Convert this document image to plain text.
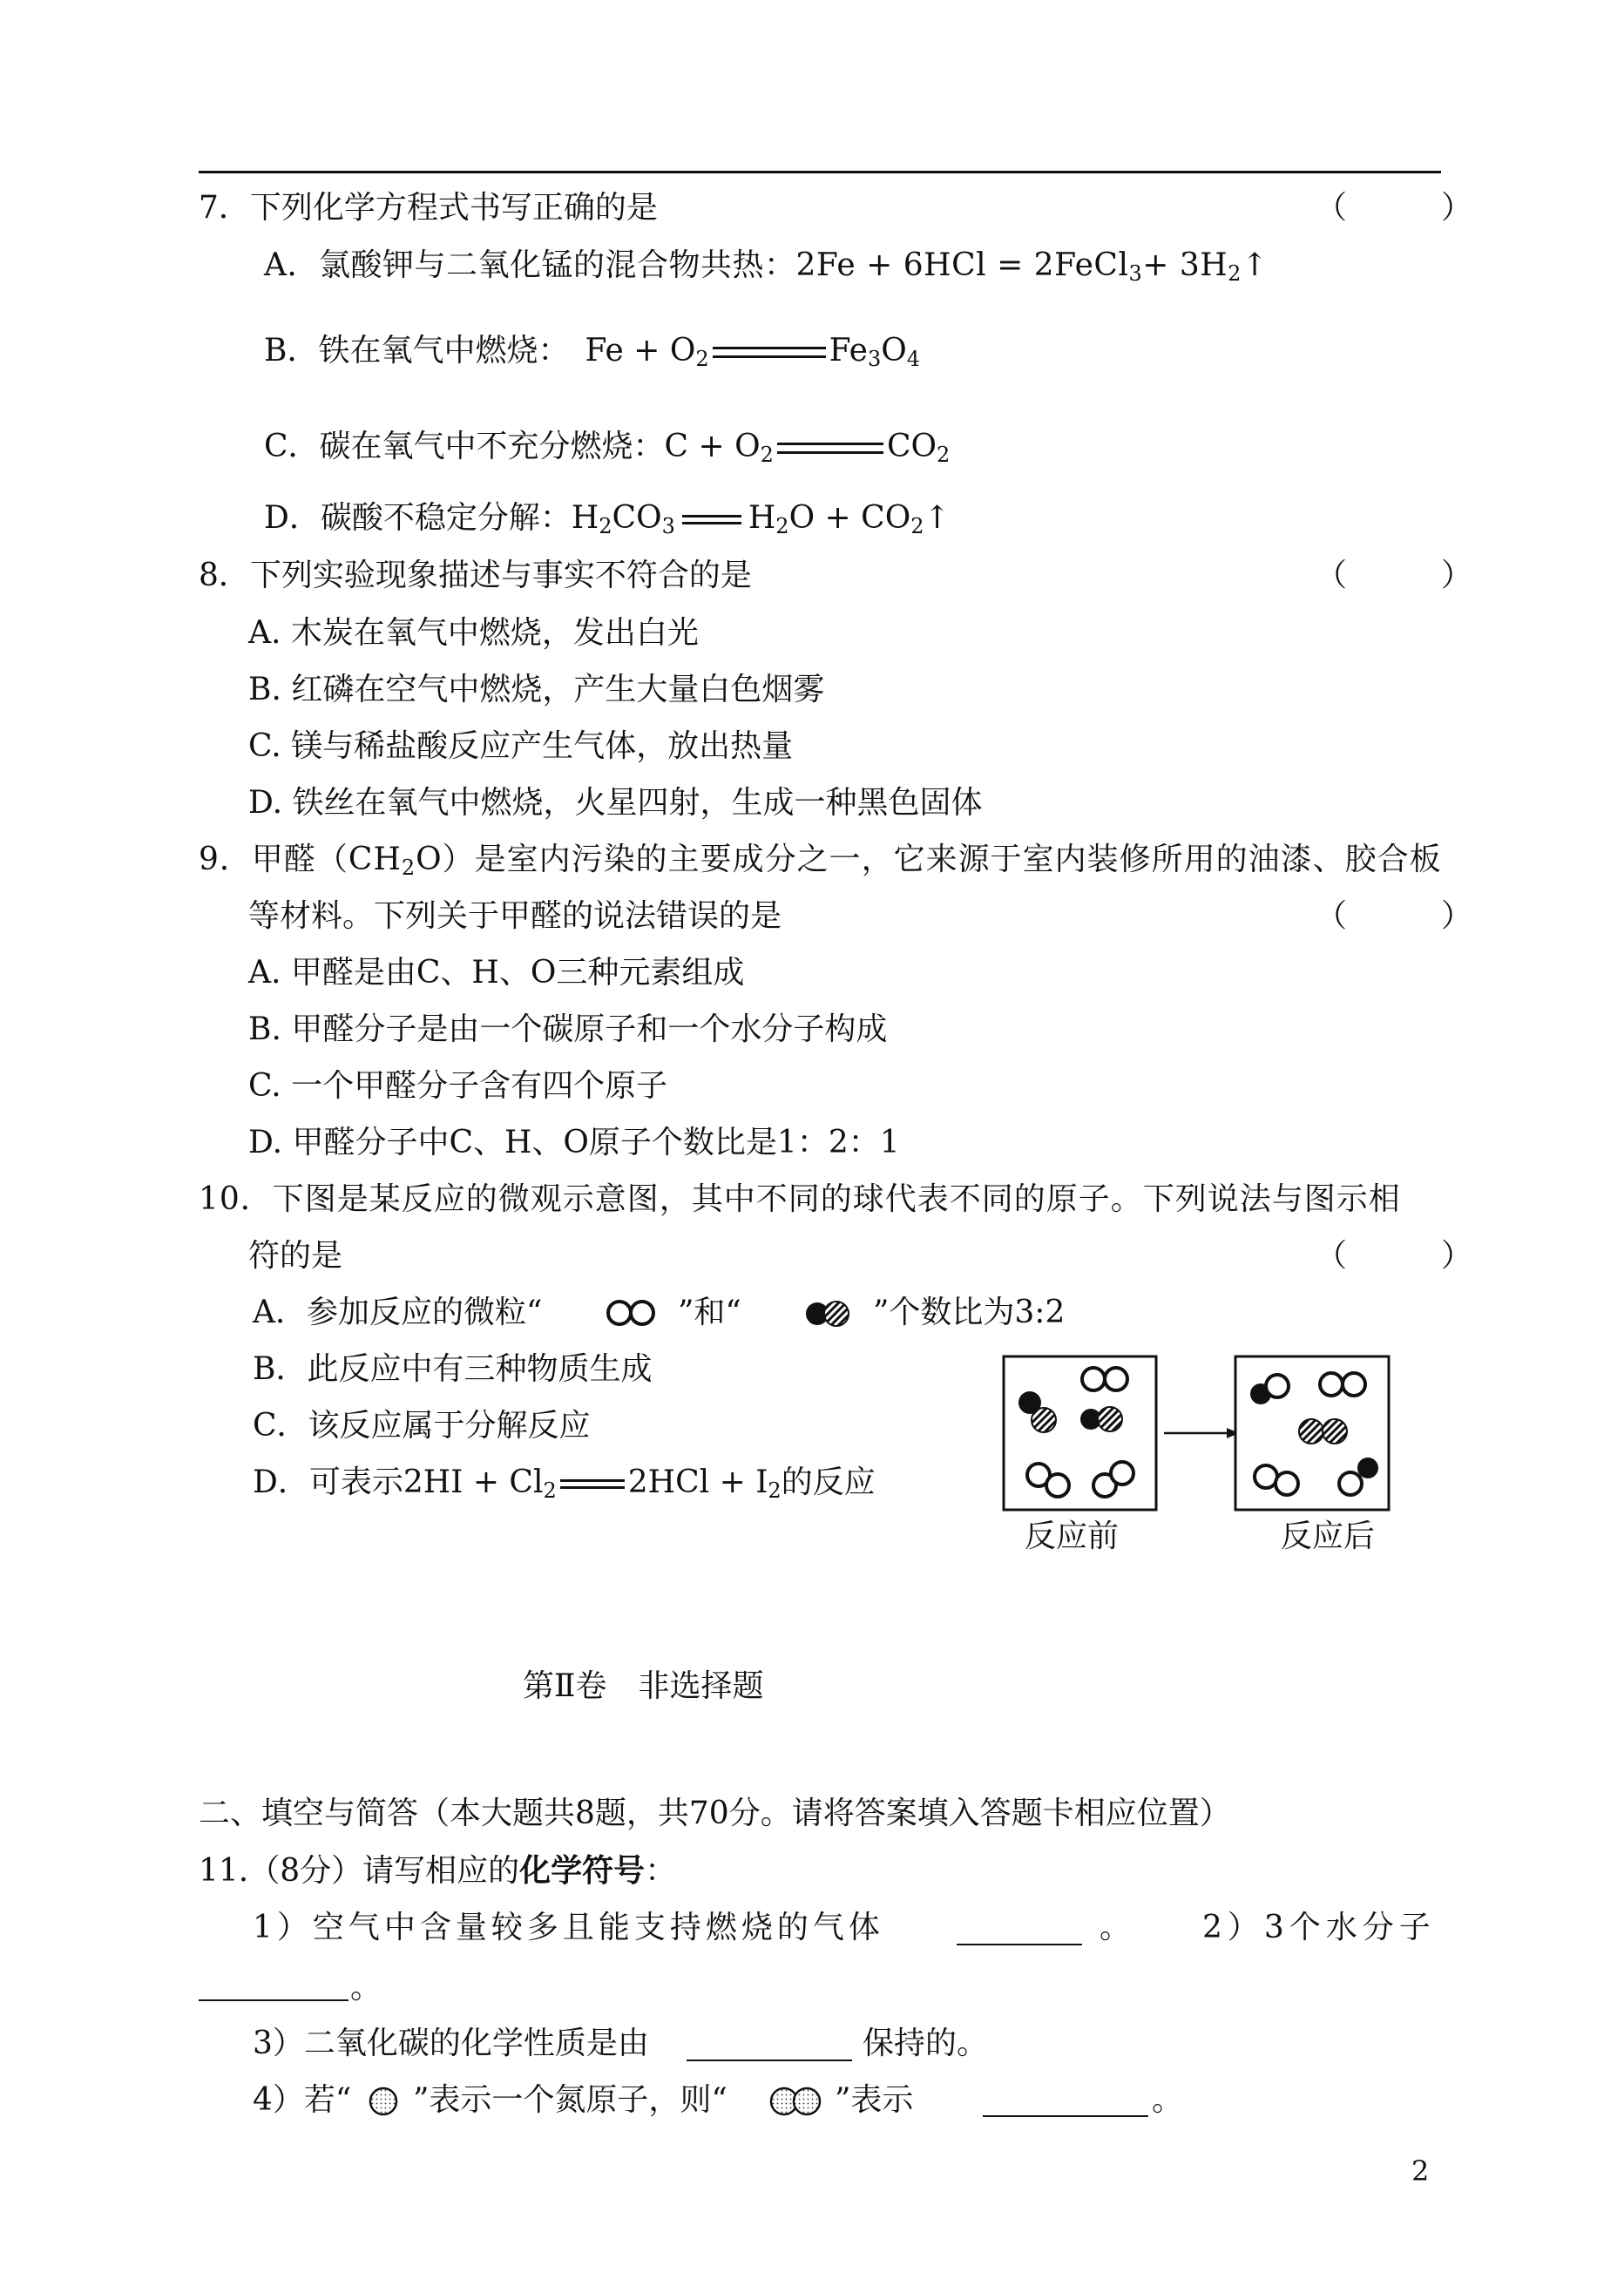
7．下列化学方程式书写正确的是	（　　　）
A．氯酸钾与二氧化锰的混合物共热：2Fe + 6HCl = 2FeCl$_3$+ $3H_2↑$
B．铁在氧气中燃烧：　$Fe + O_2$	$Fe_3O_4$
C．碳在氧气中不充分燃烧：$C + O_2$	$CO_2$
D．碳酸不稳定分解：$H_2CO_3$ $H_2O$ + $CO_2↑$
8．下列实验现象描述与事实不符合的是	（　　　）
A. 木炭在氧气中燃烧，发出白光
B. 红磷在空气中燃烧，产生大量白色烟雾
C. 镁与稀盐酸反应产生气体，放出热量
D. 铁丝在氧气中燃烧，火星四射，生成一种黑色固体
9．甲醛$(CH_2O)$是室内污染的主要成分之一，它来源于室内装修所用的油漆、胶合板
等材料。下列关于甲醛的说法错误的是	（　　　）
A. 甲醛是由C、H、O三种元素组成
B. 甲醛分子是由一个碳原子和一个水分子构成
C. 一个甲醛分子含有四个原子
D. 甲醛分子中C、H、O原子个数比是1：2：1
10．下图是某反应的微观示意图，其中不同的球代表不同的原子。下列说法与图示相
符的是	（　　　）
A．参加反应的微粒“	”和“	”个数比为3:2
B．此反应中有三种物质生成
C．该反应属于分解反应
D．可表示$2HI + Cl_2$ $2HCl + I_2$的反应
反应前	反应后
第Ⅱ卷　非选择题
二、填空与简答（本大题共8题，共70分。请将答案填入答题卡相应位置）
11.（8分）请写相应的化学符号：
1）空气中含量较多且能支持燃烧的气体	。 2）3个水分子
。
3）二氧化碳的化学性质是由	保持的。
4）若“ ”表示一个氮原子，则“	”表示	。
2
